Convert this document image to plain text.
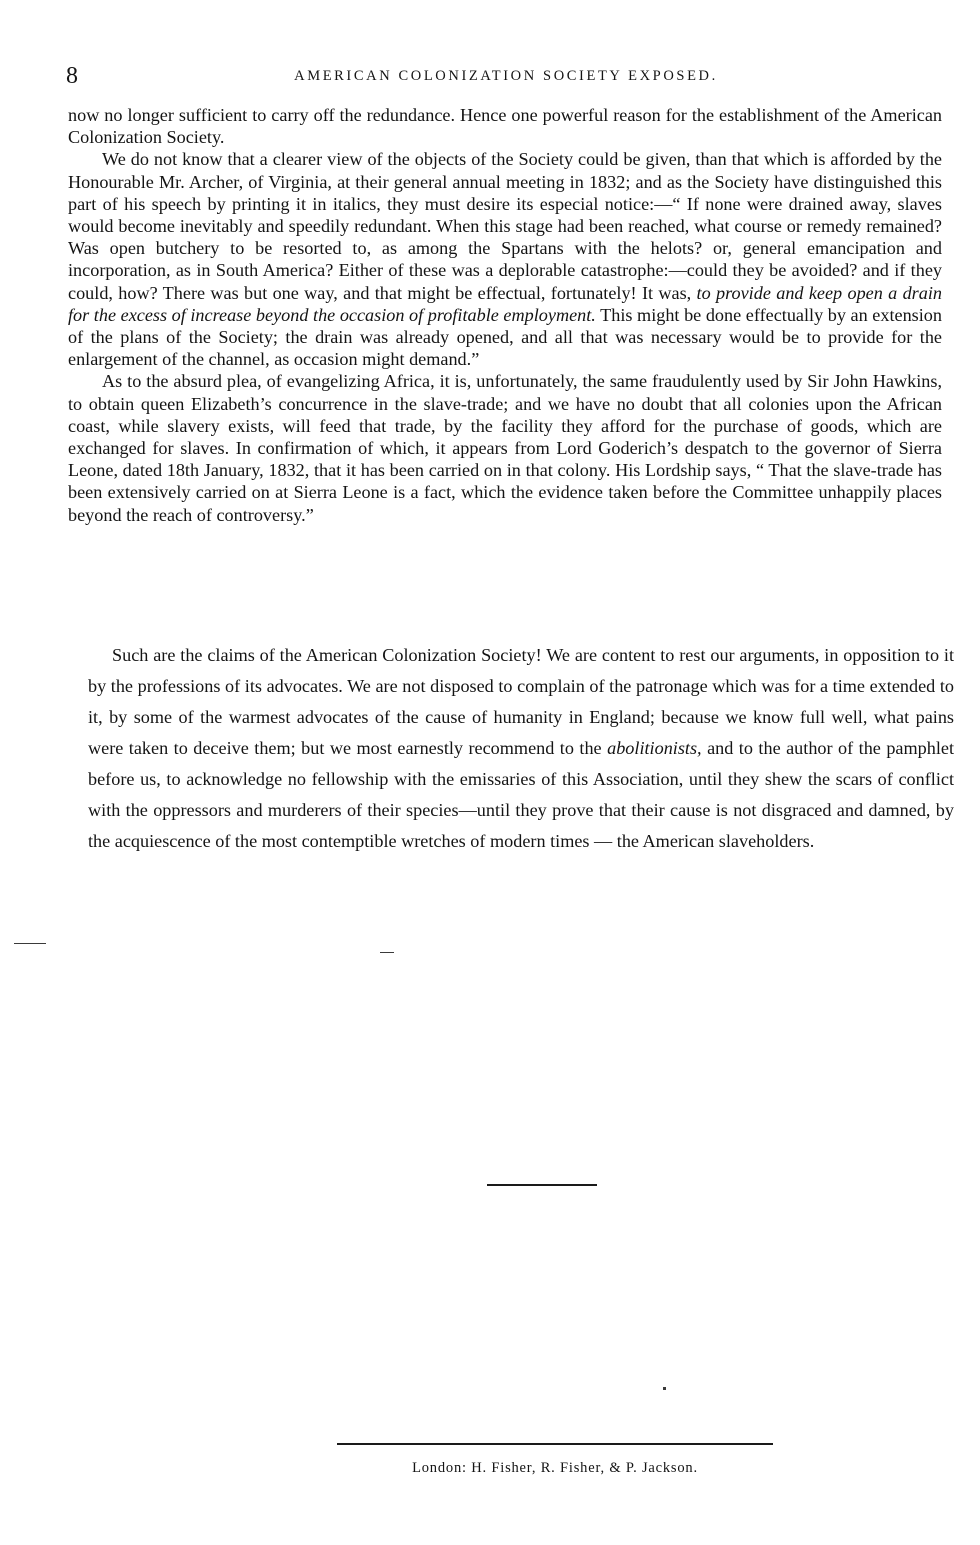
8	AMERICAN COLONIZATION SOCIETY EXPOSED.

now no longer sufficient to carry off the redundance. Hence one powerful reason for the establishment of the American Colonization Society.

We do not know that a clearer view of the objects of the Society could be given, than that which is afforded by the Honourable Mr. Archer, of Virginia, at their general annual meeting in 1832; and as the Society have distinguished this part of his speech by printing it in italics, they must desire its especial notice:—“ If none were drained away, slaves would become inevitably and speedily redundant. When this stage had been reached, what course or remedy remained? Was open butchery to be resorted to, as among the Spartans with the helots? or, general emancipation and incorporation, as in South America? Either of these was a deplorable catastrophe:—could they be avoided? and if they could, how? There was but one way, and that might be effectual, fortunately! It was, to provide and keep open a drain for the excess of increase beyond the occasion of profitable employment. This might be done effectually by an extension of the plans of the Society; the drain was already opened, and all that was necessary would be to provide for the enlargement of the channel, as occasion might demand.”

As to the absurd plea, of evangelizing Africa, it is, unfortunately, the same fraudulently used by Sir John Hawkins, to obtain queen Elizabeth’s concurrence in the slave-trade; and we have no doubt that all colonies upon the African coast, while slavery exists, will feed that trade, by the facility they afford for the purchase of goods, which are exchanged for slaves. In confirmation of which, it appears from Lord Goderich’s despatch to the governor of Sierra Leone, dated 18th January, 1832, that it has been carried on in that colony. His Lordship says, “ That the slave-trade has been extensively carried on at Sierra Leone is a fact, which the evidence taken before the Committee unhappily places beyond the reach of controversy.”

Such are the claims of the American Colonization Society! We are content to rest our arguments, in opposition to it by the professions of its advocates. We are not disposed to complain of the patronage which was for a time extended to it, by some of the warmest advocates of the cause of humanity in England; because we know full well, what pains were taken to deceive them; but we most earnestly recommend to the abolitionists, and to the author of the pamphlet before us, to acknowledge no fellowship with the emissaries of this Association, until they shew the scars of conflict with the oppressors and murderers of their species—until they prove that their cause is not disgraced and damned, by the acquiescence of the most contemptible wretches of modern times — the American slaveholders.

London: H. Fisher, R. Fisher, & P. Jackson.
